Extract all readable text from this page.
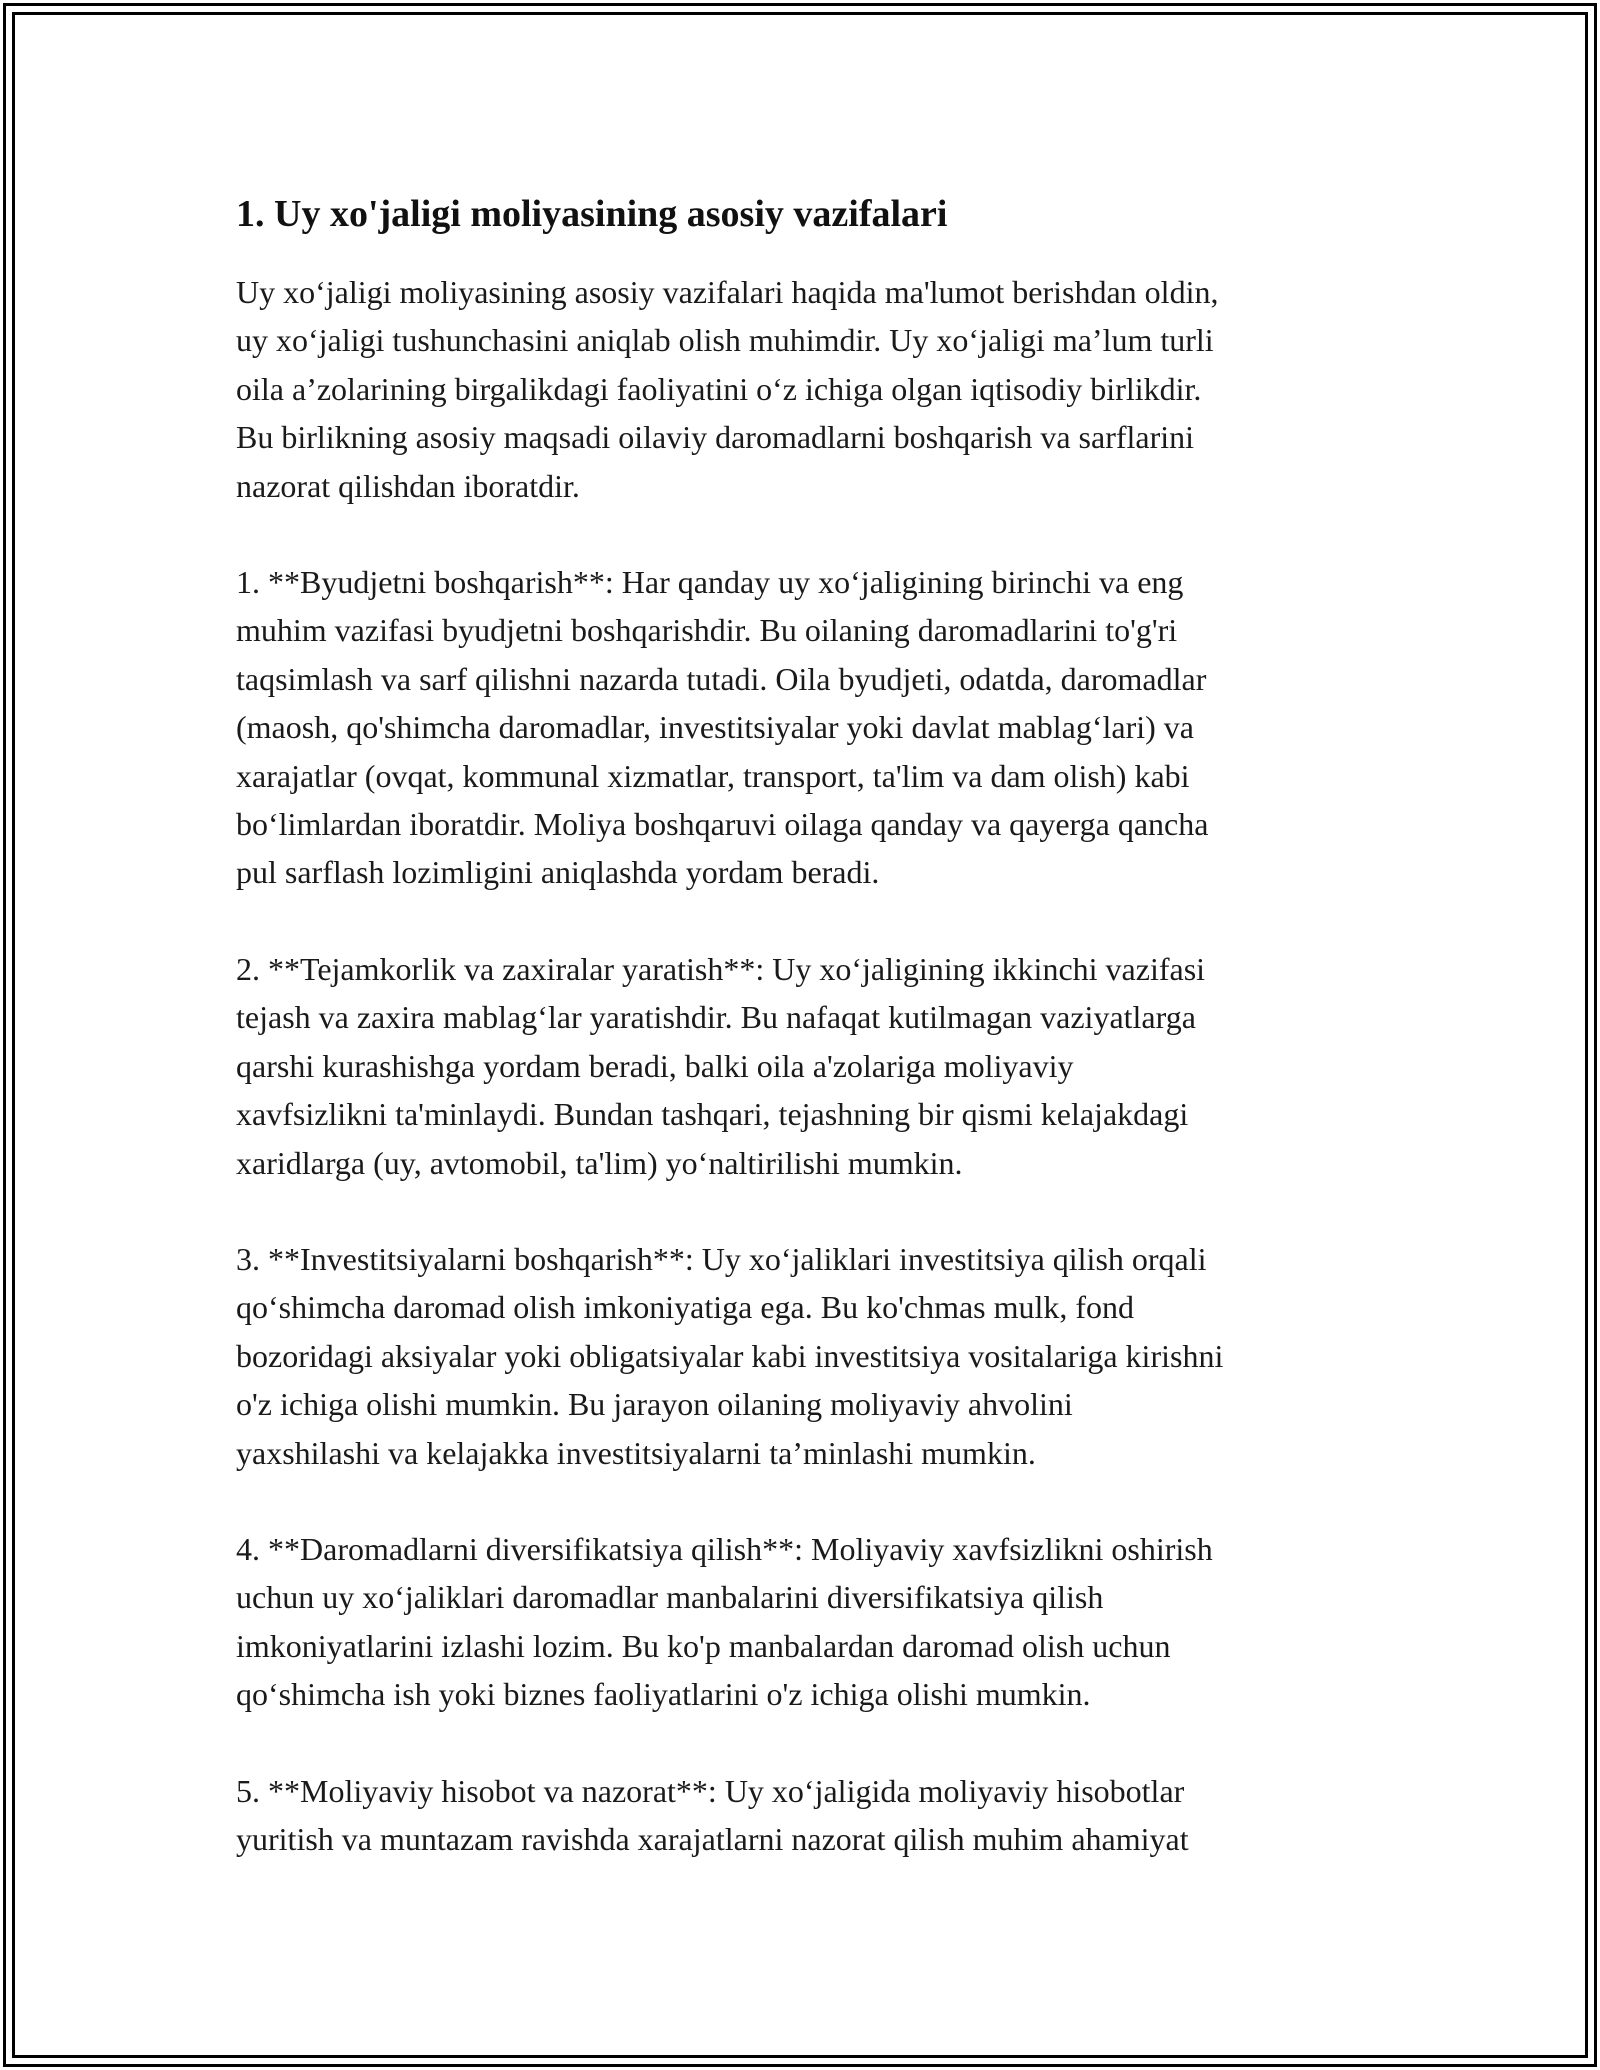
1. Uy xo'jaligi moliyasining asosiy vazifalari

Uy xo‘jaligi moliyasining asosiy vazifalari haqida ma'lumot berishdan oldin,
uy xo‘jaligi tushunchasini aniqlab olish muhimdir. Uy xo‘jaligi ma’lum turli
oila a’zolarining birgalikdagi faoliyatini o‘z ichiga olgan iqtisodiy birlikdir.
Bu birlikning asosiy maqsadi oilaviy daromadlarni boshqarish va sarflarini
nazorat qilishdan iboratdir.

1. **Byudjetni boshqarish**: Har qanday uy xo‘jaligining birinchi va eng
muhim vazifasi byudjetni boshqarishdir. Bu oilaning daromadlarini to'g'ri
taqsimlash va sarf qilishni nazarda tutadi. Oila byudjeti, odatda, daromadlar
(maosh, qo'shimcha daromadlar, investitsiyalar yoki davlat mablag‘lari) va
xarajatlar (ovqat, kommunal xizmatlar, transport, ta'lim va dam olish) kabi
bo‘limlardan iboratdir. Moliya boshqaruvi oilaga qanday va qayerga qancha
pul sarflash lozimligini aniqlashda yordam beradi.

2. **Tejamkorlik va zaxiralar yaratish**: Uy xo‘jaligining ikkinchi vazifasi
tejash va zaxira mablag‘lar yaratishdir. Bu nafaqat kutilmagan vaziyatlarga
qarshi kurashishga yordam beradi, balki oila a'zolariga moliyaviy
xavfsizlikni ta'minlaydi. Bundan tashqari, tejashning bir qismi kelajakdagi
xaridlarga (uy, avtomobil, ta'lim) yo‘naltirilishi mumkin.

3. **Investitsiyalarni boshqarish**: Uy xo‘jaliklari investitsiya qilish orqali
qo‘shimcha daromad olish imkoniyatiga ega. Bu ko'chmas mulk, fond
bozoridagi aksiyalar yoki obligatsiyalar kabi investitsiya vositalariga kirishni
o'z ichiga olishi mumkin. Bu jarayon oilaning moliyaviy ahvolini
yaxshilashi va kelajakka investitsiyalarni ta’minlashi mumkin.

4. **Daromadlarni diversifikatsiya qilish**: Moliyaviy xavfsizlikni oshirish
uchun uy xo‘jaliklari daromadlar manbalarini diversifikatsiya qilish
imkoniyatlarini izlashi lozim. Bu ko'p manbalardan daromad olish uchun
qo‘shimcha ish yoki biznes faoliyatlarini o'z ichiga olishi mumkin.

5. **Moliyaviy hisobot va nazorat**: Uy xo‘jaligida moliyaviy hisobotlar
yuritish va muntazam ravishda xarajatlarni nazorat qilish muhim ahamiyat
